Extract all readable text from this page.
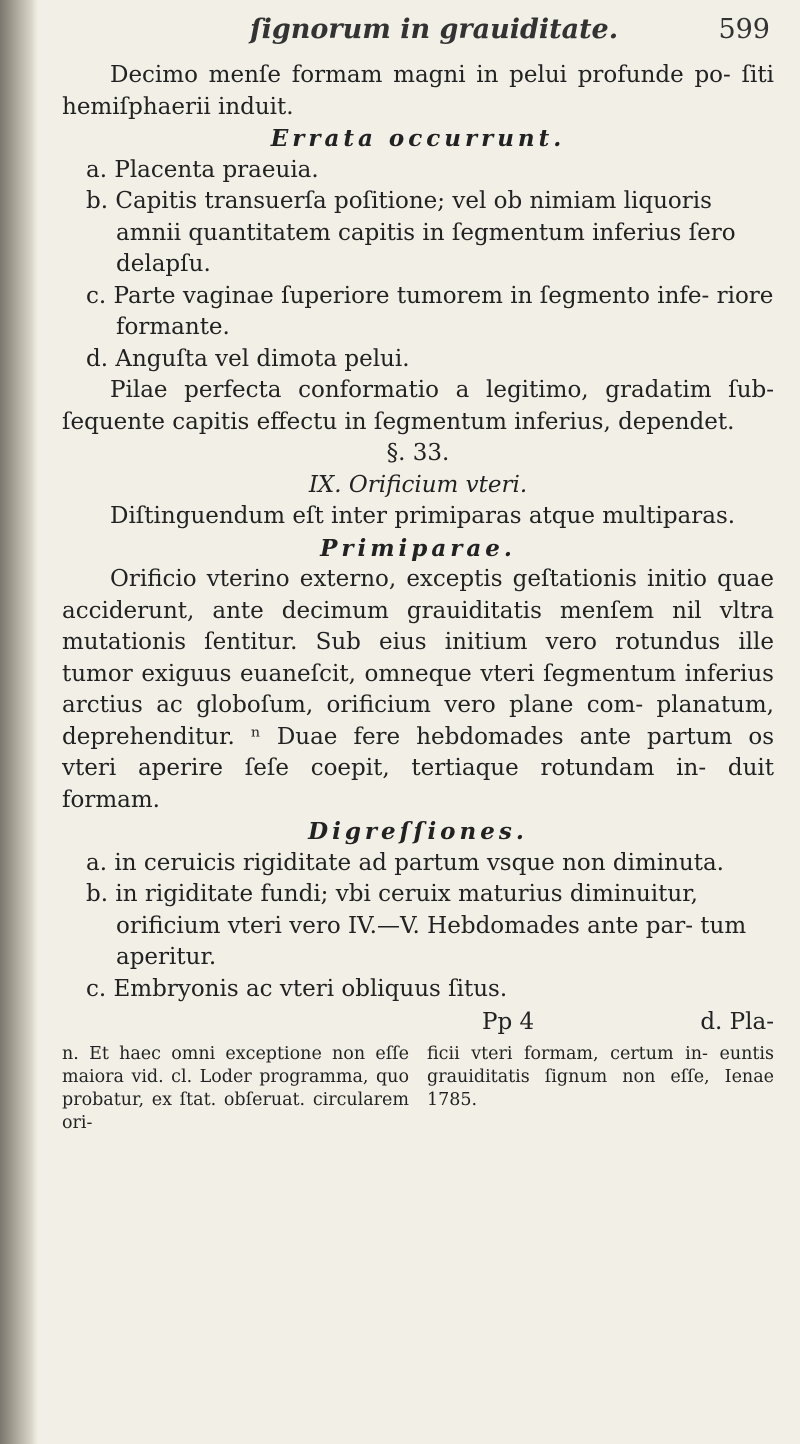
ſignorum in grauiditate.	599

Decimo menſe formam magni in pelui profunde po- ſiti hemiſphaerii induit.

Errata occurrunt.

a. Placenta praeuia.

b. Capitis transuerſa poſitione; vel ob nimiam liquoris amnii quantitatem capitis in ſegmentum inferius ſero delapſu.

c. Parte vaginae ſuperiore tumorem in ſegmento infe- riore formante.

d. Anguſta vel dimota pelui.

Pilae perfecta conformatio a legitimo, gradatim ſub- ſequente capitis effectu in ſegmentum inferius, dependet.

§. 33.

IX. Orificium vteri.

Diſtinguendum eſt inter primiparas atque multiparas.

Primiparae.

Orificio vterino externo, exceptis geſtationis initio quae acciderunt, ante decimum grauiditatis menſem nil vltra mutationis ſentitur. Sub eius initium vero rotundus ille tumor exiguus euaneſcit, omneque vteri ſegmentum inferius arctius ac globoſum, orificium vero plane com- planatum, deprehenditur. ⁿ Duae fere hebdomades ante partum os vteri aperire ſeſe coepit, tertiaque rotundam in- duit formam.

Digreſſiones.

a. in ceruicis rigiditate ad partum vsque non diminuta.

b. in rigiditate fundi; vbi ceruix maturius diminuitur, orificium vteri vero IV.—V. Hebdomades ante par- tum aperitur.

c. Embryonis ac vteri obliquus ſitus.

Pp 4	d. Pla-
n. Et haec omni exceptione non eſſe maiora vid. cl. Loder programma, quo probatur, ex ſtat. obſeruat. circularem ori-
ficii vteri formam, certum in- euntis grauiditatis ſignum non eſſe, Ienae 1785.
